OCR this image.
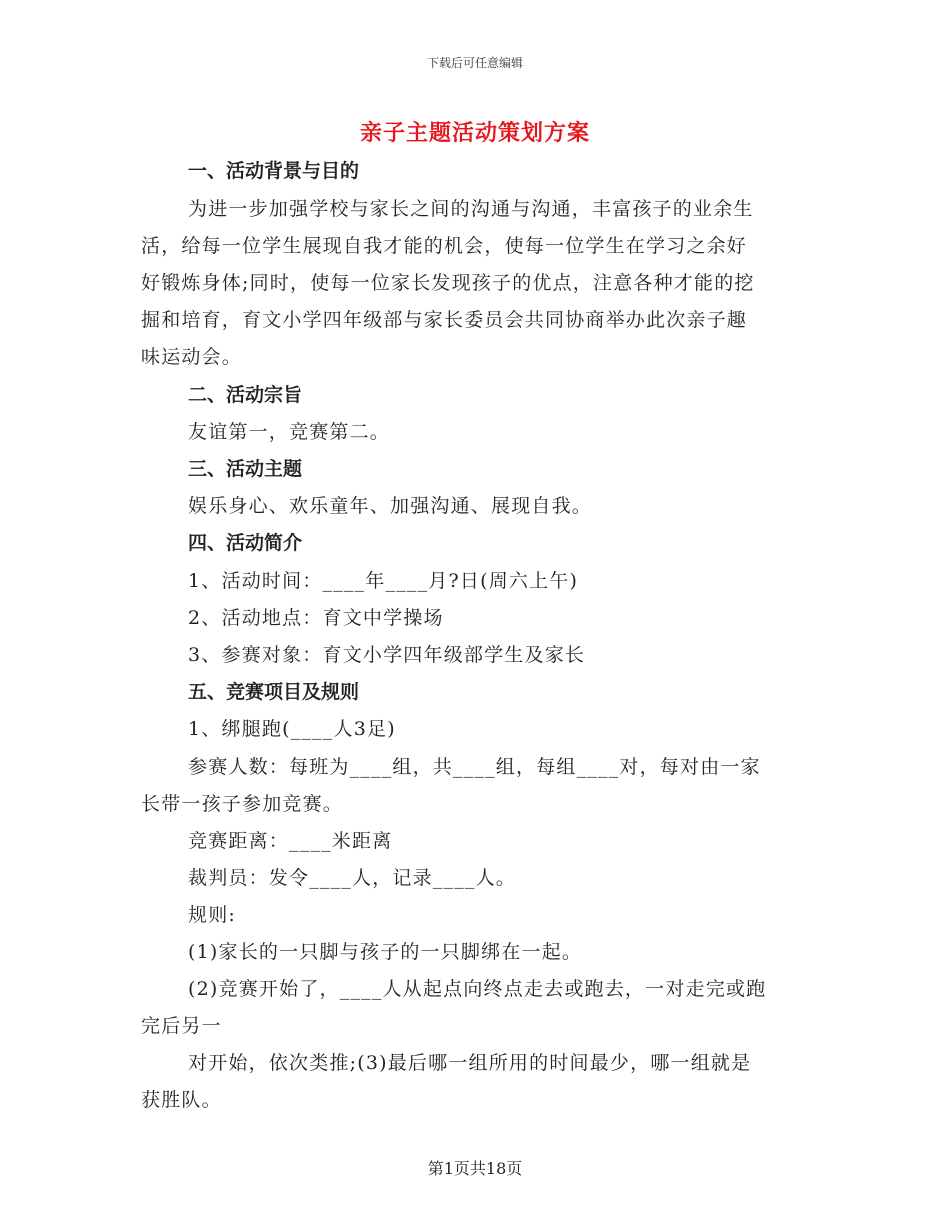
下载后可任意编辑
亲子主题活动策划方案
一、活动背景与目的
为进一步加强学校与家长之间的沟通与沟通，丰富孩子的业余生
活，给每一位学生展现自我才能的机会，使每一位学生在学习之余好
好锻炼身体;同时，使每一位家长发现孩子的优点，注意各种才能的挖
掘和培育，育文小学四年级部与家长委员会共同协商举办此次亲子趣
味运动会。
二、活动宗旨
友谊第一，竞赛第二。
三、活动主题
娱乐身心、欢乐童年、加强沟通、展现自我。
四、活动简介
1、活动时间：____年____月?日(周六上午)
2、活动地点：育文中学操场
3、参赛对象：育文小学四年级部学生及家长
五、竞赛项目及规则
1、绑腿跑(____人3足)
参赛人数：每班为____组，共____组，每组____对，每对由一家
长带一孩子参加竞赛。
竞赛距离：____米距离
裁判员：发令____人，记录____人。
规则:
(1)家长的一只脚与孩子的一只脚绑在一起。
(2)竞赛开始了，____人从起点向终点走去或跑去，一对走完或跑
完后另一
对开始，依次类推;(3)最后哪一组所用的时间最少，哪一组就是
获胜队。
第1页共18页
